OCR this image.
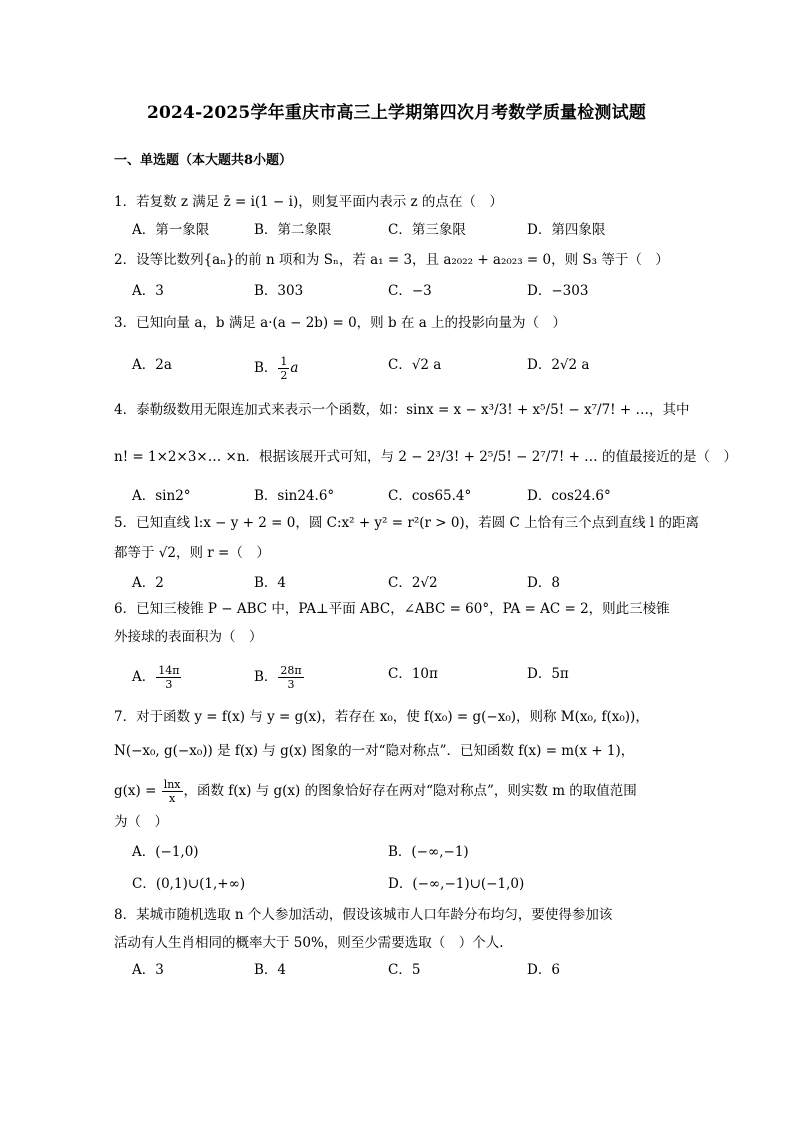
2024-2025学年重庆市高三上学期第四次月考数学质量检测试题
一、单选题（本大题共8小题）
1．若复数 z 满足 z̄ = i(1 − i)，则复平面内表示 z 的点在（　）
A．第一象限	B．第二象限	C．第三象限	D．第四象限
2．设等比数列{aₙ}的前 n 项和为 Sₙ，若 a₁ = 3，且 a₂₀₂₂ + a₂₀₂₃ = 0，则 S₃ 等于（　）
A．3	B．303	C．−3	D．−303
3．已知向量 a，b 满足 a·(a − 2b) = 0，则 b 在 a 上的投影向量为（　）
A．2a	B． $\frac{1}{2}$ a	C．√2 a	D．2√2 a
4．泰勒级数用无限连加式来表示一个函数，如：sinx = x − x³/3! + x⁵/5! − x⁷/7! + …，其中
n! = 1×2×3×… ×n．根据该展开式可知，与 2 − 2³/3! + 2⁵/5! − 2⁷/7! + … 的值最接近的是（　）
A．sin2°	B．sin24.6°	C．cos65.4°	D．cos24.6°
5．已知直线 l:x − y + 2 = 0，圆 C:x² + y² = r²(r > 0)，若圆 C 上恰有三个点到直线 l 的距离
都等于 √2，则 r =（　）
A．2	B．4	C．2√2	D．8
6．已知三棱锥 P − ABC 中，PA⊥平面 ABC，∠ABC = 60°，PA = AC = 2，则此三棱锥
外接球的表面积为（　）
A． $\frac{14\pi}{3}$	B． $\frac{28\pi}{3}$	C．10π	D．5π
7．对于函数 y = f(x) 与 y = g(x)，若存在 x₀，使 f(x₀) = g(−x₀)，则称 M(x₀, f(x₀))，
N(−x₀, g(−x₀)) 是 f(x) 与 g(x) 图象的一对“隐对称点”．已知函数 f(x) = m(x + 1)，
$g(x) = \frac{\ln x}{x}$ ，函数 f(x) 与 g(x) 的图象恰好存在两对“隐对称点”，则实数 m 的取值范围
为（　）
A．(−1,0)	B．(−∞,−1)
C．(0,1)∪(1,+∞)	D．(−∞,−1)∪(−1,0)
8．某城市随机选取 n 个人参加活动，假设该城市人口年龄分布均匀，要使得参加该
活动有人生肖相同的概率大于 50%，则至少需要选取（　）个人.
A．3	B．4	C．5	D．6
